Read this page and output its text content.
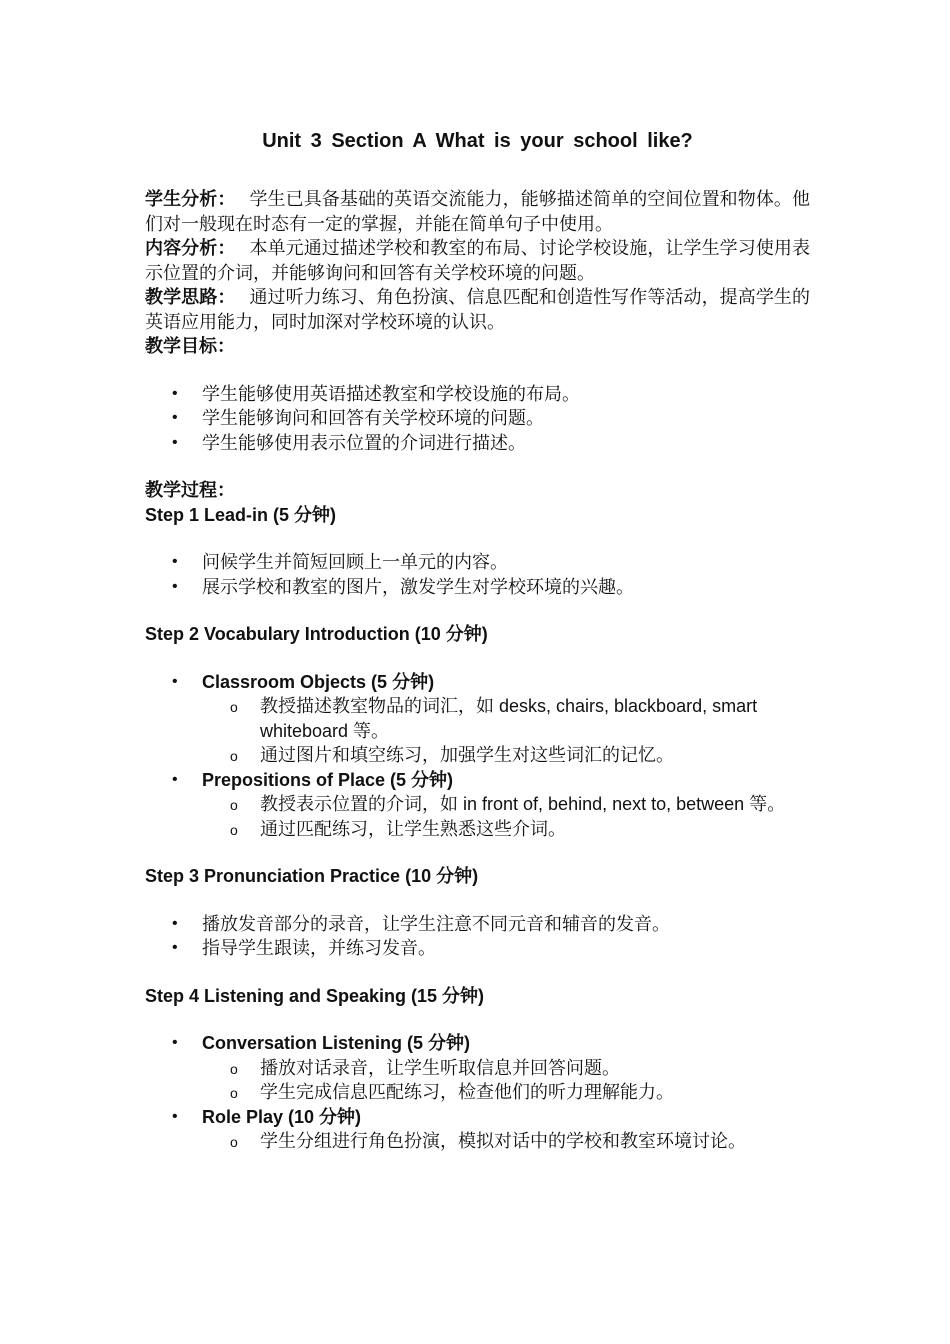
Unit 3 Section A What is your school like?

学生分析： 学生已具备基础的英语交流能力，能够描述简单的空间位置和物体。他们对一般现在时态有一定的掌握，并能在简单句子中使用。

内容分析： 本单元通过描述学校和教室的布局、讨论学校设施，让学生学习使用表示位置的介词，并能够询问和回答有关学校环境的问题。

教学思路： 通过听力练习、角色扮演、信息匹配和创造性写作等活动，提高学生的英语应用能力，同时加深对学校环境的认识。

教学目标：

• 学生能够使用英语描述教室和学校设施的布局。
• 学生能够询问和回答有关学校环境的问题。
• 学生能够使用表示位置的介词进行描述。

教学过程：

Step 1 Lead-in (5 分钟)

• 问候学生并简短回顾上一单元的内容。
• 展示学校和教室的图片，激发学生对学校环境的兴趣。

Step 2 Vocabulary Introduction (10 分钟)

• Classroom Objects (5 分钟)
o 教授描述教室物品的词汇，如 desks, chairs, blackboard, smart whiteboard 等。
o 通过图片和填空练习，加强学生对这些词汇的记忆。
• Prepositions of Place (5 分钟)
o 教授表示位置的介词，如 in front of, behind, next to, between 等。
o 通过匹配练习，让学生熟悉这些介词。

Step 3 Pronunciation Practice (10 分钟)

• 播放发音部分的录音，让学生注意不同元音和辅音的发音。
• 指导学生跟读，并练习发音。

Step 4 Listening and Speaking (15 分钟)

• Conversation Listening (5 分钟)
o 播放对话录音，让学生听取信息并回答问题。
o 学生完成信息匹配练习，检查他们的听力理解能力。
• Role Play (10 分钟)
o 学生分组进行角色扮演，模拟对话中的学校和教室环境讨论。
